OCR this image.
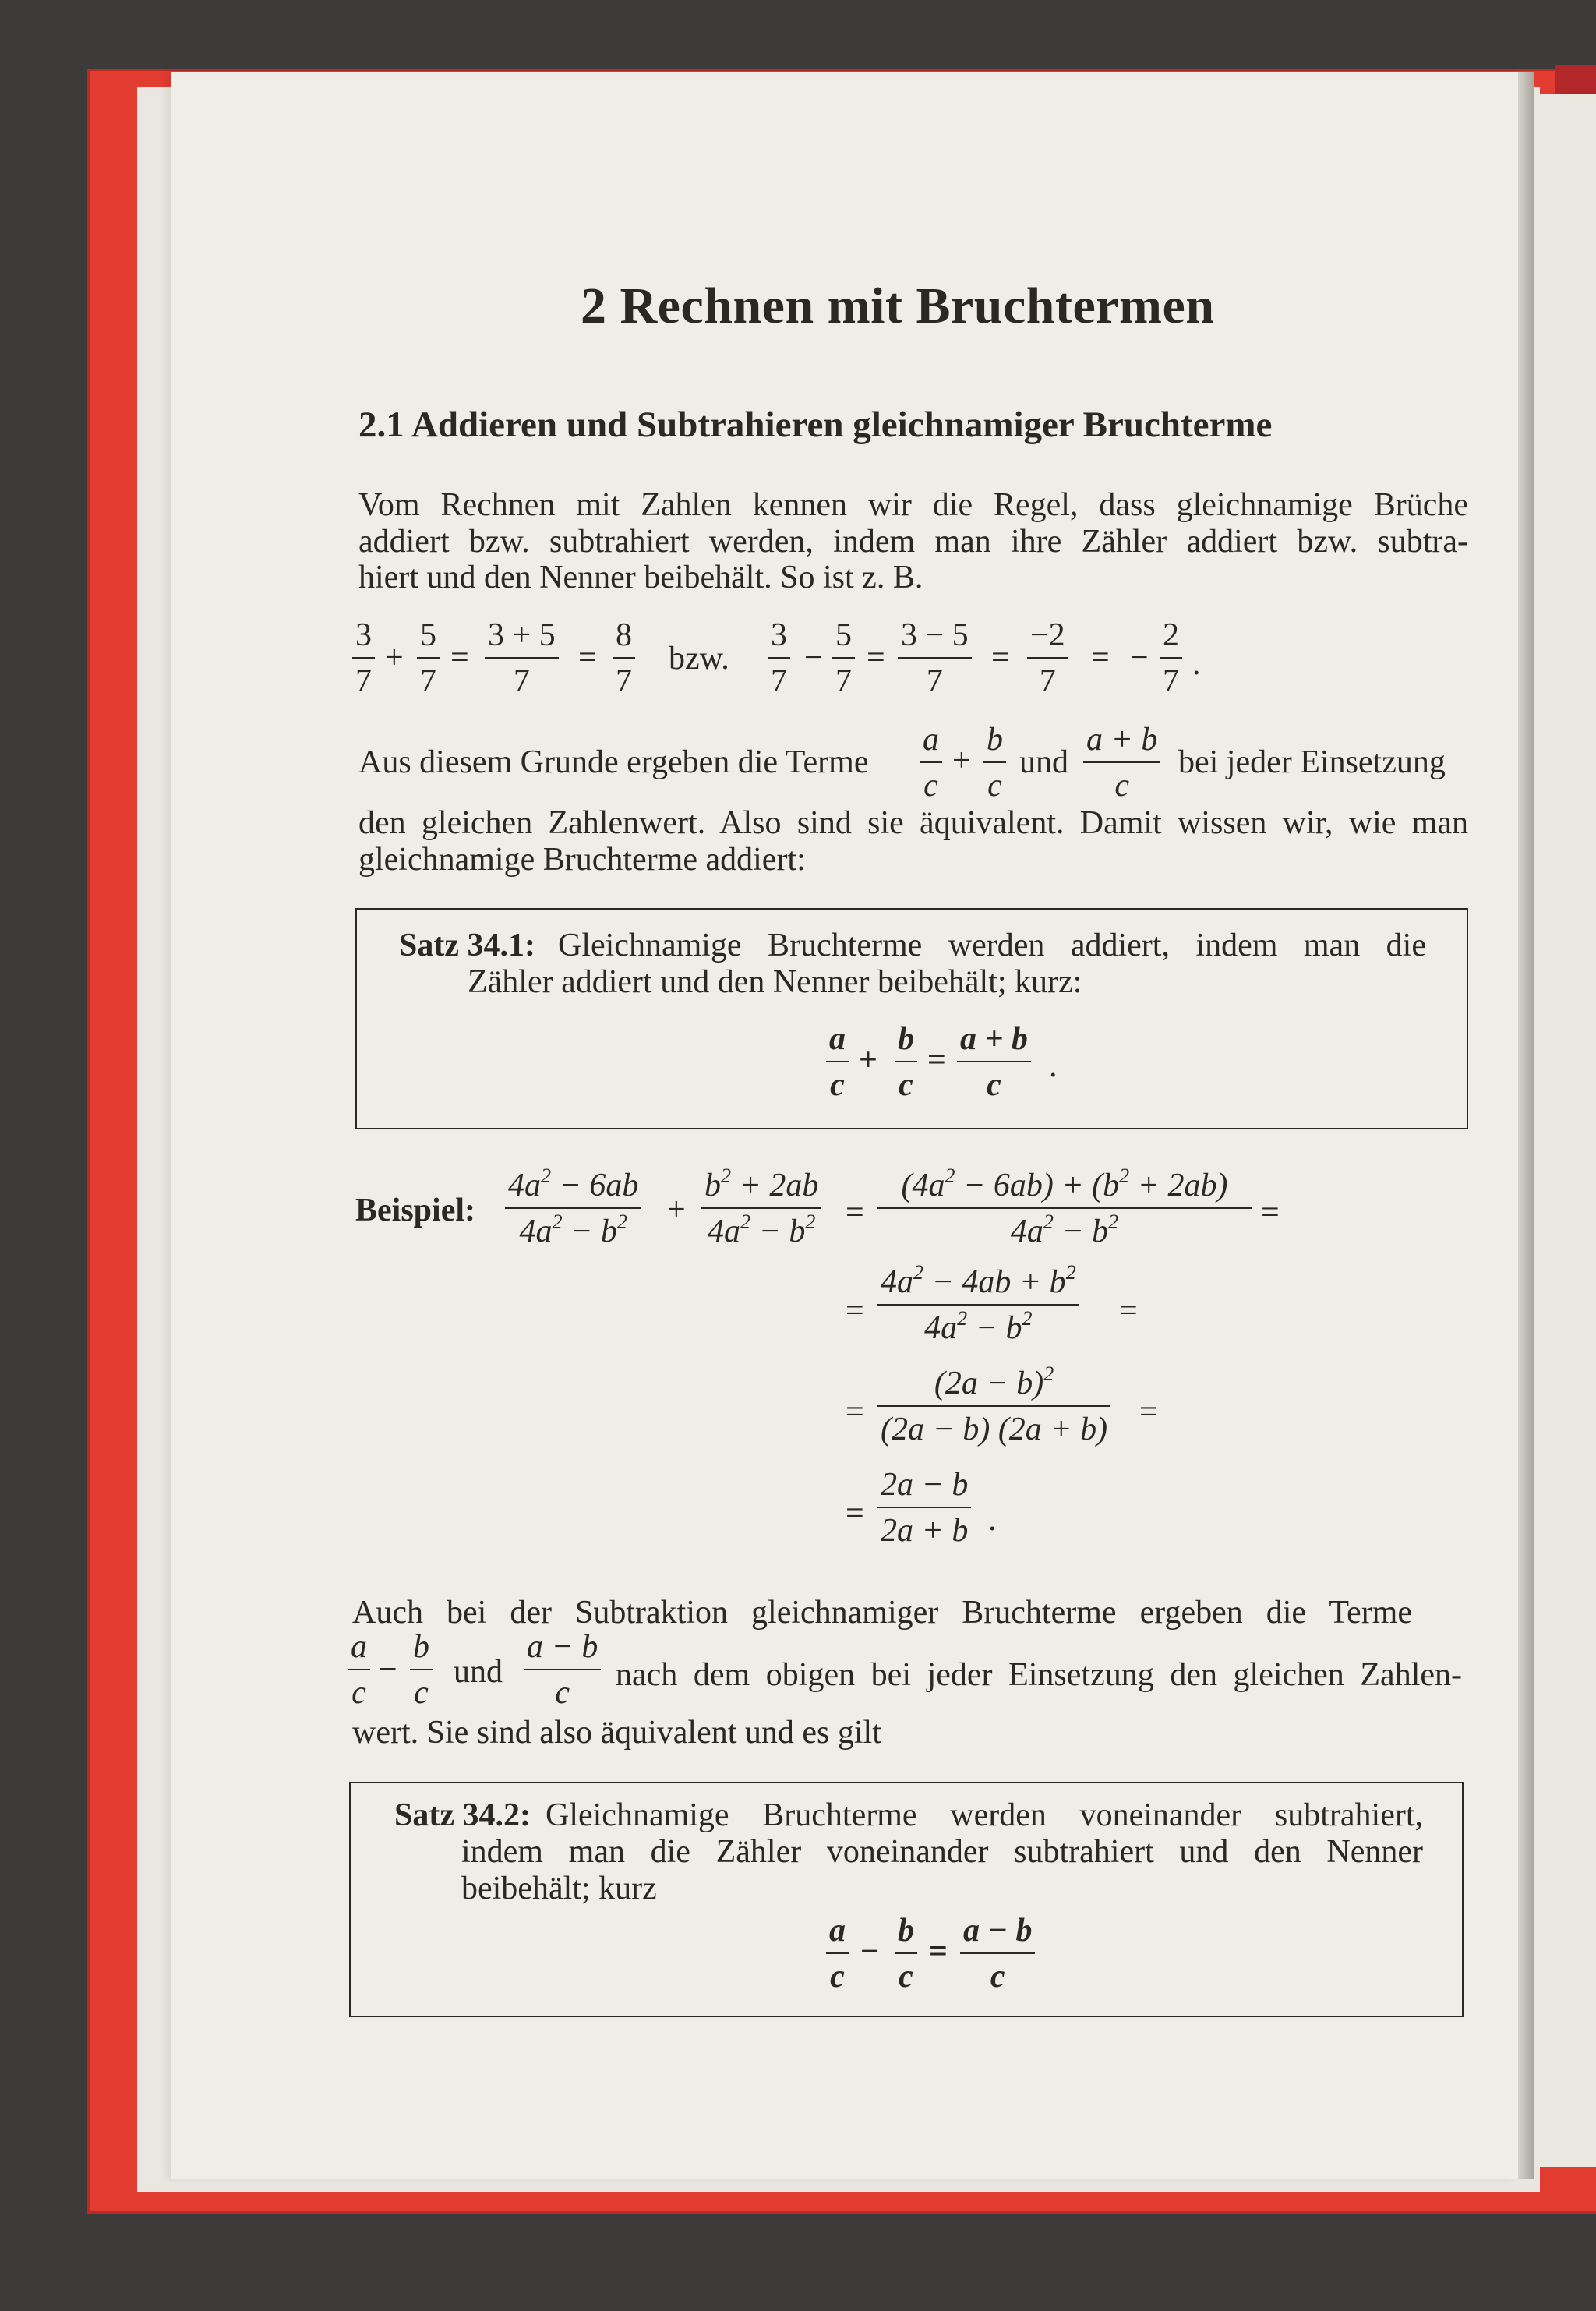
2 Rechnen mit Bruchtermen
2.1 Addieren und Subtrahieren gleichnamiger Bruchterme
Vom Rechnen mit Zahlen kennen wir die Regel, dass gleichnamige Brüche
addiert bzw. subtrahiert werden, indem man ihre Zähler addiert bzw. subtra-
hiert und den Nenner beibehält. So ist z. B.
3
7
+
5
7
=
3 + 5
7
=
8
7
bzw.
3
7
−
5
7
=
3 − 5
7
=
−2
7
= −
2
7 .
Aus diesem Grunde ergeben die Terme
a
c
+
b
c
und
a + b
c
bei jeder Einsetzung
den gleichen Zahlenwert. Also sind sie äquivalent. Damit wissen wir, wie man
gleichnamige Bruchterme addiert:
Satz 34.1: Gleichnamige Bruchterme werden addiert, indem man die
Zähler addiert und den Nenner beibehält; kurz:
a
c
+
b
c
=
a + b
c
.
Beispiel:
$4a^2 - 6ab$
$4a^2 - b^2$ +
$b^2 + 2ab$
$4a^2 - b^2$ =
$(4a^2 - 6ab) + (b^2 + 2ab)$
$4a^2 - b^2$	=
=
$4a^2 - 4ab + b^2$
$4a^2 - b^2$	=
=
$(2a - b)^2$
(2a − b) (2a + b) =
=
2a − b
2a + b .
Auch bei der Subtraktion gleichnamiger Bruchterme ergeben die Terme
a
c
−
b
c
und
a − b
c nach dem obigen bei jeder Einsetzung den gleichen Zahlen-
wert. Sie sind also äquivalent und es gilt
Satz 34.2: Gleichnamige Bruchterme werden voneinander subtrahiert,
indem man die Zähler voneinander subtrahiert und den Nenner
beibehält; kurz
a
c
−
b
c
=
a − b
c
